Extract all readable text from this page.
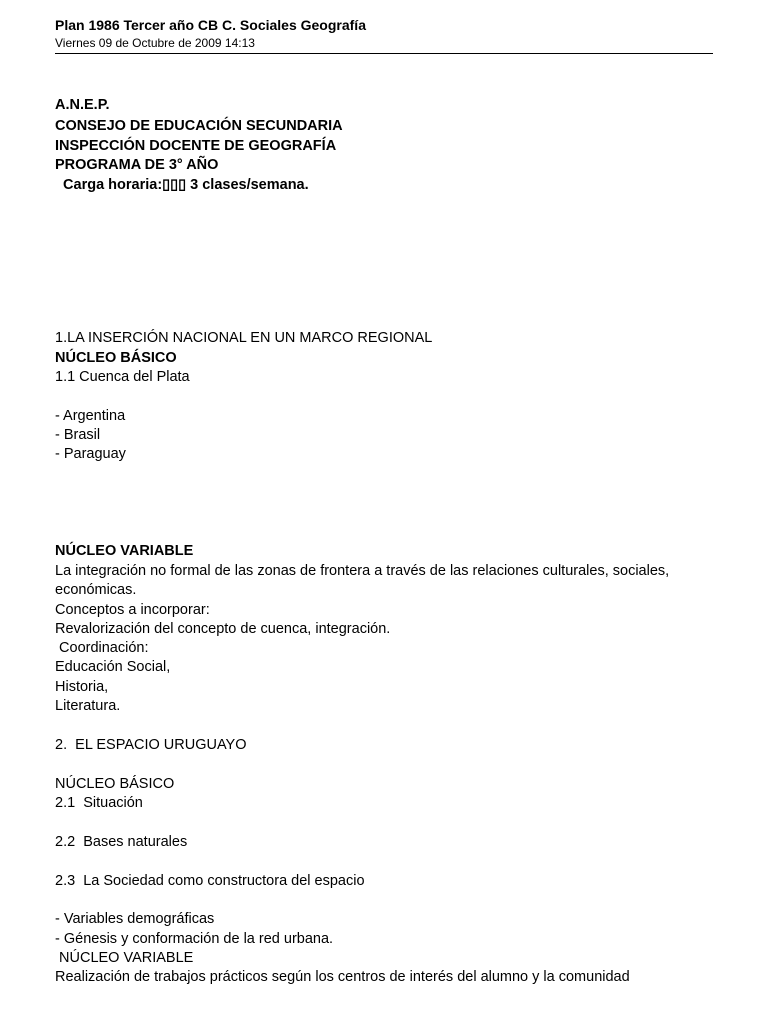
Plan 1986 Tercer año CB C. Sociales Geografía
Viernes 09 de Octubre de 2009 14:13
A.N.E.P.
CONSEJO DE EDUCACIÓN SECUNDARIA
INSPECCIÓN DOCENTE DE GEOGRAFÍA
PROGRAMA DE 3° AÑO
Carga horaria:▯▯▯ 3 clases/semana.
1.LA INSERCIÓN NACIONAL EN UN MARCO REGIONAL
NÚCLEO BÁSICO
1.1 Cuenca del Plata
- Argentina
- Brasil
- Paraguay
NÚCLEO VARIABLE
La integración no formal de las zonas de frontera a través de las relaciones culturales, sociales,
económicas.
Conceptos a incorporar:
Revalorización del concepto de cuenca, integración.
Coordinación:
Educación Social,
Historia,
Literatura.
2.  EL ESPACIO URUGUAYO
NÚCLEO BÁSICO
2.1  Situación
2.2  Bases naturales
2.3  La Sociedad como constructora del espacio
- Variables demográficas
- Génesis y conformación de la red urbana.
NÚCLEO VARIABLE
Realización de trabajos prácticos según los centros de interés del alumno y la comunidad
